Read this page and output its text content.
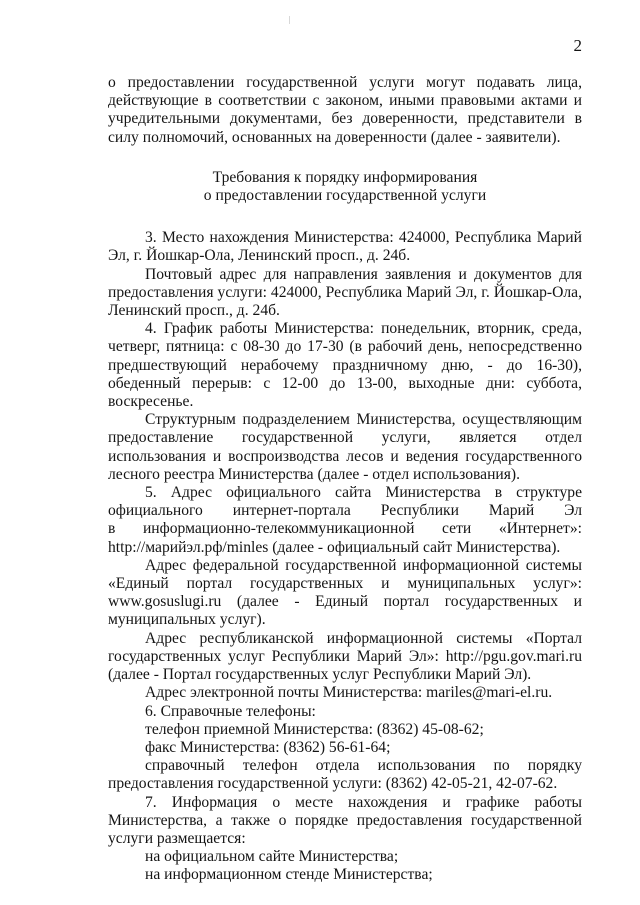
2

о предоставлении государственной услуги могут подавать лица, действующие в соответствии с законом, иными правовыми актами и учредительными документами, без доверенности, представители в силу полномочий, основанных на доверенности (далее - заявители).

Требования к порядку информирования

о предоставлении государственной услуги

3. Место нахождения Министерства: 424000, Республика Марий Эл, г. Йошкар-Ола, Ленинский просп., д. 24б.

Почтовый адрес для направления заявления и документов для предоставления услуги: 424000, Республика Марий Эл, г. Йошкар-Ола, Ленинский просп., д. 24б.

4. График работы Министерства: понедельник, вторник, среда, четверг, пятница: с 08-30 до 17-30 (в рабочий день, непосредственно предшествующий нерабочему праздничному дню, - до 16-30), обеденный перерыв: с 12-00 до 13-00, выходные дни: суббота, воскресенье.

Структурным подразделением Министерства, осуществляющим предоставление государственной услуги, является отдел использования и воспроизводства лесов и ведения государственного лесного реестра Министерства (далее - отдел использования).

5. Адрес официального сайта Министерства в структуре

официального интернет-портала Республики Марий Эл

в информационно-телекоммуникационной сети «Интернет»:

http://марийэл.рф/minles (далее - официальный сайт Министерства).

Адрес федеральной государственной информационной системы «Единый портал государственных и муниципальных услуг»: www.gosuslugi.ru (далее - Единый портал государственных и муниципальных услуг).

Адрес республиканской информационной системы «Портал государственных услуг Республики Марий Эл»: http://pgu.gov.mari.ru (далее - Портал государственных услуг Республики Марий Эл).

Адрес электронной почты Министерства: mariles@mari-el.ru.

6. Справочные телефоны:

телефон приемной Министерства: (8362) 45-08-62;

факс Министерства: (8362) 56-61-64;

справочный телефон отдела использования по порядку

предоставления государственной услуги: (8362) 42-05-21, 42-07-62.

7. Информация о месте нахождения и графике работы Министерства, а также о порядке предоставления государственной услуги размещается:

на официальном сайте Министерства;

на информационном стенде Министерства;
